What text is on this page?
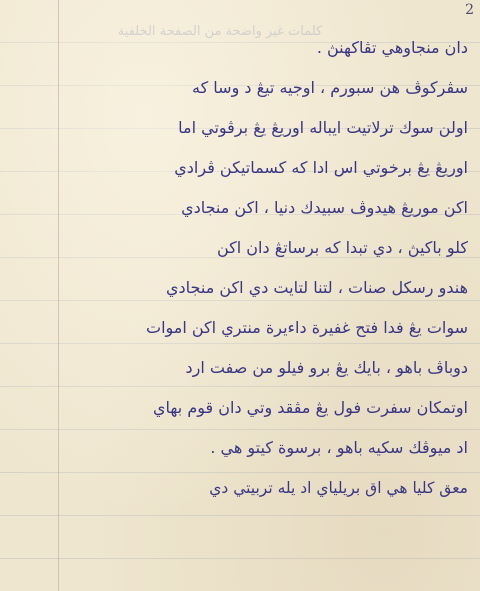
2
كلمات غير واضحة من الصفحة الخلفية
دان منجاوهي تڤاكهنڽ .
سڤركوڤ هن سبورم ، اوجيه تيڠ د وسا كه
اولن سوك ترلاتيت ايباله اوريڠ يڠ برڤوتي اما
اوريڠ يڠ برخوتي اس ادا كه كسماتيكن ڤرادي
اكن موريڠ هيدوڤ سبيدك دنيا ، اكن منجادي
كلو باكيڽ ، دي تبدا كه برساتڠ دان اكن
هندو رسكل صنات ، لتنا لتايت دي اكن منجادي
سوات يڠ فدا فتح غفيرة داءيرة منتري اكن اموات
دوباڤ باهو ، بايك يڠ برو فيلو من صفت ارد
اوتمكان سفرت فول يڠ مڤقد وتي دان قوم بهاي
اد ميوڤك سكيه باهو ، برسوة كيتو هي .
معق كليا هي اق بريلياي اد يله تربيتي دي
